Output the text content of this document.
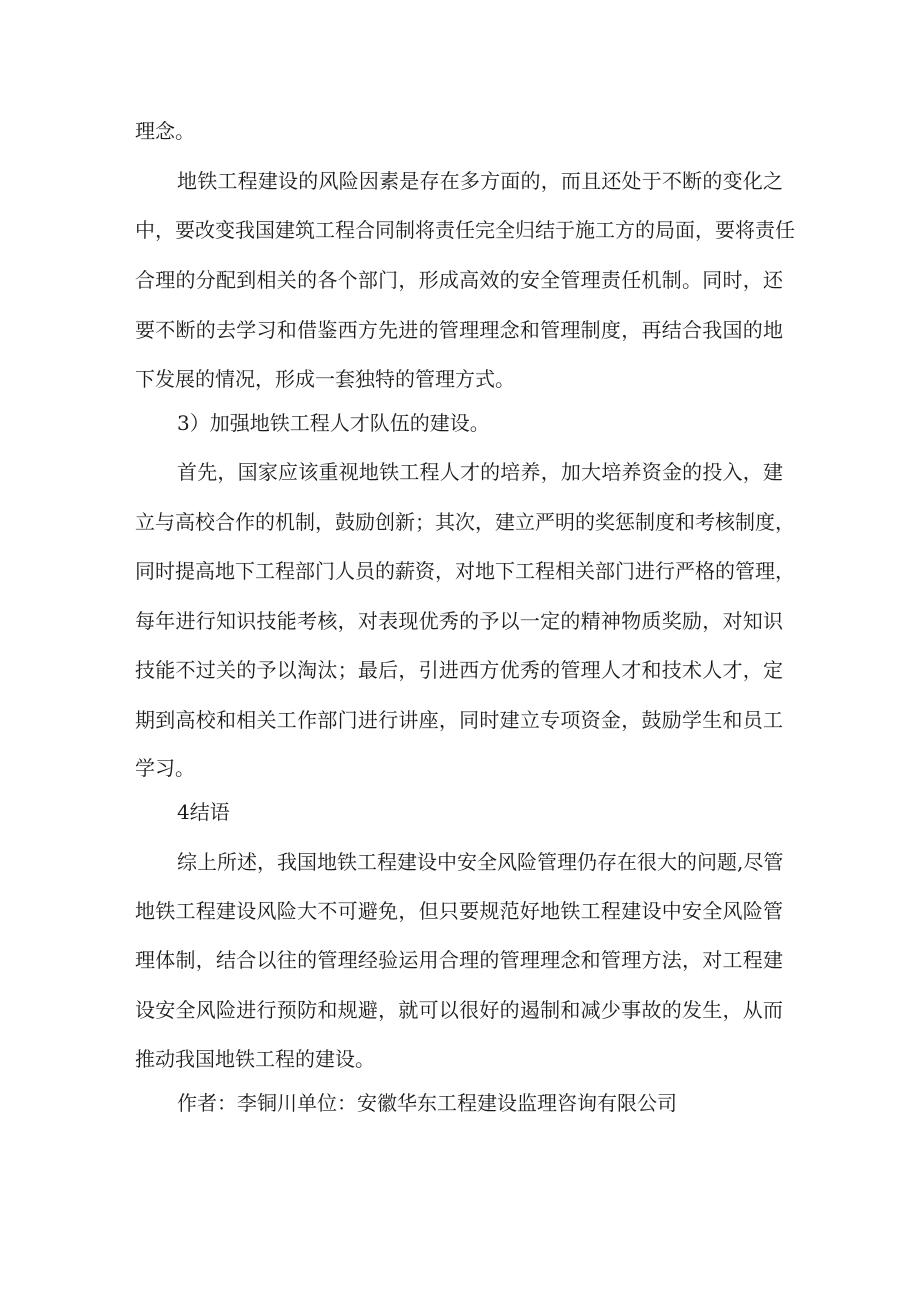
理念。
地铁工程建设的风险因素是存在多方面的，而且还处于不断的变化之
中，要改变我国建筑工程合同制将责任完全归结于施工方的局面，要将责任
合理的分配到相关的各个部门，形成高效的安全管理责任机制。同时，还
要不断的去学习和借鉴西方先进的管理理念和管理制度，再结合我国的地
下发展的情况，形成一套独特的管理方式。
3）加强地铁工程人才队伍的建设。
首先，国家应该重视地铁工程人才的培养，加大培养资金的投入，建
立与高校合作的机制，鼓励创新；其次，建立严明的奖惩制度和考核制度，
同时提高地下工程部门人员的薪资，对地下工程相关部门进行严格的管理，
每年进行知识技能考核，对表现优秀的予以一定的精神物质奖励，对知识
技能不过关的予以淘汰；最后，引进西方优秀的管理人才和技术人才，定
期到高校和相关工作部门进行讲座，同时建立专项资金，鼓励学生和员工
学习。
4结语
综上所述，我国地铁工程建设中安全风险管理仍存在很大的问题,尽管
地铁工程建设风险大不可避免，但只要规范好地铁工程建设中安全风险管
理体制，结合以往的管理经验运用合理的管理理念和管理方法，对工程建
设安全风险进行预防和规避，就可以很好的遏制和减少事故的发生，从而
推动我国地铁工程的建设。
作者：李铜川单位：安徽华东工程建设监理咨询有限公司
